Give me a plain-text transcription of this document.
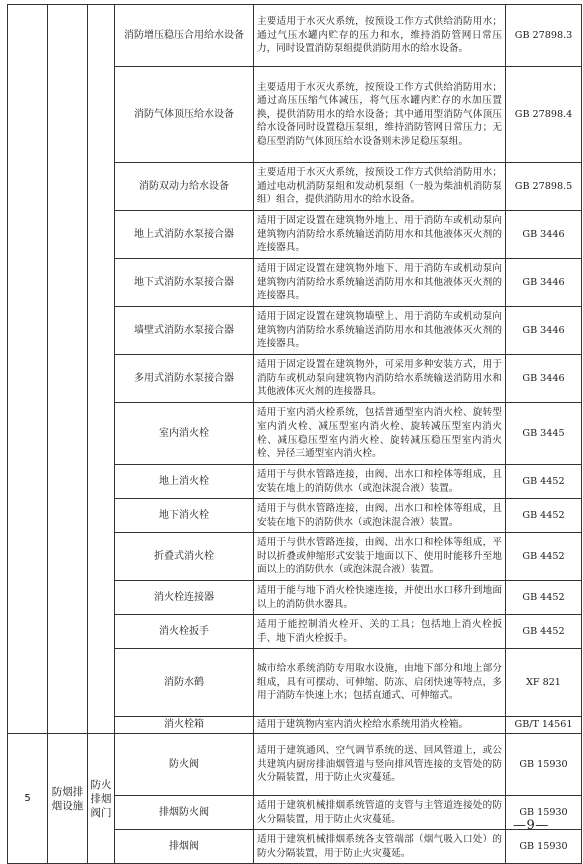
			消防增压稳压合用给水设备	主要适用于水灭火系统，按预设工作方式供给消防用水；通过气压水罐内贮存的压力和水，维持消防管网日常压力，同时设置消防泵组提供消防用水的给水设备。	GB 27898.3
			消防气体顶压给水设备	主要适用于水灭火系统，按预设工作方式供给消防用水；通过高压压缩气体减压，将气压水罐内贮存的水加压置换，提供消防用水的给水设备；其中通用型消防气体顶压给水设备同时设置稳压泵组，维持消防管网日常压力；无稳压型消防气体顶压给水设备则未涉足稳压泵组。	GB 27898.4
			消防双动力给水设备	主要适用于水灭火系统，按预设工作方式供给消防用水；通过电动机消防泵组和发动机泵组（一般为柴油机消防泵组）组合，提供消防用水的给水设备。	GB 27898.5
			地上式消防水泵接合器	适用于固定设置在建筑物外地上、用于消防车或机动泵向建筑物内消防给水系统输送消防用水和其他液体灭火剂的连接器具。	GB 3446
			地下式消防水泵接合器	适用于固定设置在建筑物外地下、用于消防车或机动泵向建筑物内消防给水系统输送消防用水和其他液体灭火剂的连接器具。	GB 3446
			墙壁式消防水泵接合器	适用于固定设置在建筑物墙壁上、用于消防车或机动泵向建筑物内消防给水系统输送消防用水和其他液体灭火剂的连接器具。	GB 3446
			多用式消防水泵接合器	适用于固定设置在建筑物外，可采用多种安装方式，用于消防车或机动泵向建筑物内消防给水系统输送消防用水和其他液体灭火剂的连接器具。	GB 3446
			室内消火栓	适用于室内消火栓系统，包括普通型室内消火栓、旋转型室内消火栓、减压型室内消火栓、旋转减压型室内消火栓、减压稳压型室内消火栓、旋转减压稳压型室内消火栓、异径三通型室内消火栓。	GB 3445
			地上消火栓	适用于与供水管路连接，由阀、出水口和栓体等组成，且安装在地上的消防供水（或泡沫混合液）装置。	GB 4452
			地下消火栓	适用于与供水管路连接，由阀、出水口和栓体等组成，且安装在地下的消防供水（或泡沫混合液）装置。	GB 4452
			折叠式消火栓	适用于与供水管路连接，由阀、出水口和栓体等组成，平时以折叠或伸缩形式安装于地面以下、使用时能移升至地面以上的消防供水（或泡沫混合液）装置。	GB 4452
			消火栓连接器	适用于能与地下消火栓快速连接，并使出水口移升到地面以上的消防供水器具。	GB 4452
			消火栓扳手	适用于能控制消火栓开、关的工具；包括地上消火栓扳手、地下消火栓扳手。	GB 4452
			消防水鹤	城市给水系统消防专用取水设施，由地下部分和地上部分组成，具有可摆动、可伸缩、防冻、启闭快速等特点，多用于消防车快速上水；包括直通式、可伸缩式。	XF 821
			消火栓箱	适用于建筑物内室内消火栓给水系统用消火栓箱。	GB/T 14561
5	防烟排烟设施	防火排烟阀门	防火阀	适用于建筑通风、空气调节系统的送、回风管道上，或公共建筑内厨房排油烟管道与竖向排风管连接的支管处的防火分隔装置，用于防止火灾蔓延。	GB 15930
			排烟防火阀	适用于建筑机械排烟系统管道的支管与主管道连接处的防火分隔装置，用于防止火灾蔓延。	GB 15930
			排烟阀	适用于建筑机械排烟系统各支管端部（烟气吸入口处）的防火分隔装置，用于防止火灾蔓延。	GB 15930
—9—
